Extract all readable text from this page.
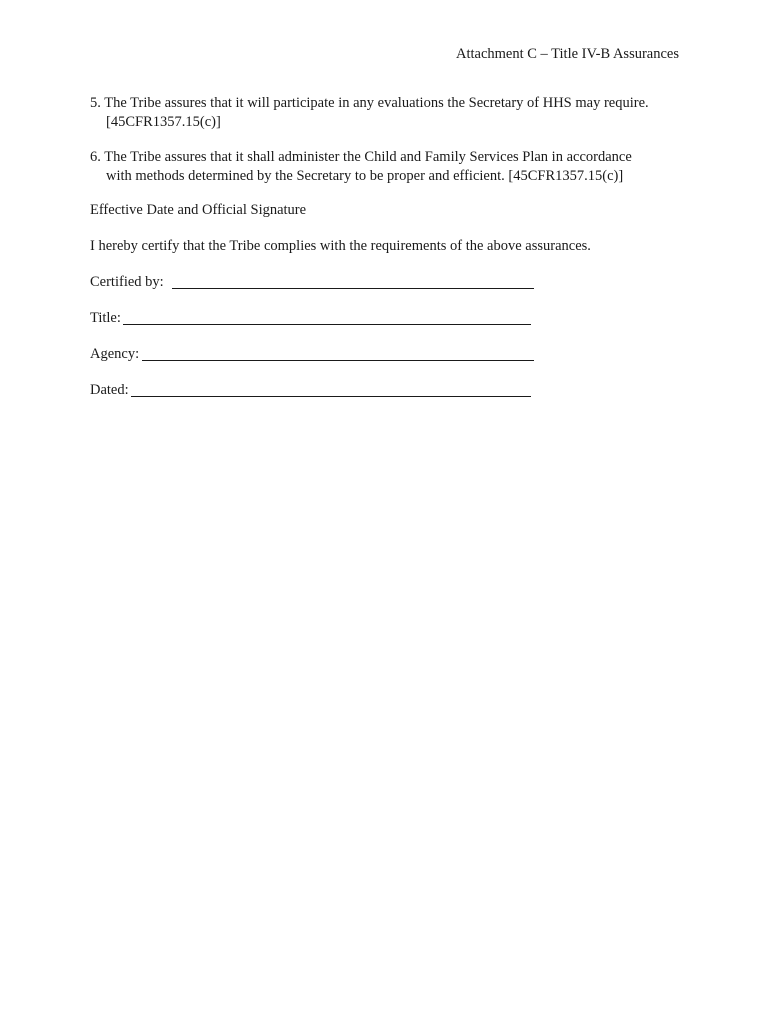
Attachment C – Title IV-B Assurances
5. The Tribe assures that it will participate in any evaluations the Secretary of HHS may require.
[45CFR1357.15(c)]
6. The Tribe assures that it shall administer the Child and Family Services Plan in accordance
with methods determined by the Secretary to be proper and efficient. [45CFR1357.15(c)]
Effective Date and Official Signature
I hereby certify that the Tribe complies with the requirements of the above assurances.
Certified by:
Title:
Agency:
Dated:
